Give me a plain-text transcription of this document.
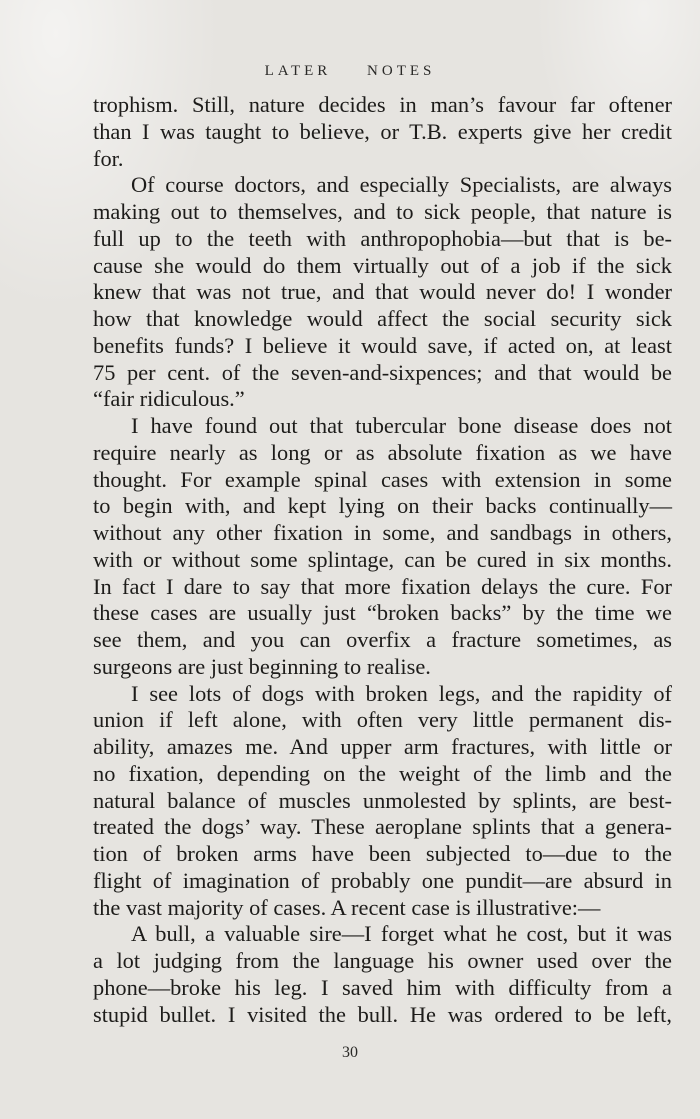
LATER NOTES
trophism. Still, nature decides in man’s favour far oftener
than I was taught to believe, or T.B. experts give her credit
for.
Of course doctors, and especially Specialists, are always
making out to themselves, and to sick people, that nature is
full up to the teeth with anthropophobia—but that is be‐
cause she would do them virtually out of a job if the sick
knew that was not true, and that would never do! I wonder
how that knowledge would affect the social security sick
benefits funds? I believe it would save, if acted on, at least
75 per cent. of the seven‐and‐sixpences; and that would be
“fair ridiculous.”
I have found out that tubercular bone disease does not
require nearly as long or as absolute fixation as we have
thought. For example spinal cases with extension in some
to begin with, and kept lying on their backs continually—
without any other fixation in some, and sandbags in others,
with or without some splintage, can be cured in six months.
In fact I dare to say that more fixation delays the cure. For
these cases are usually just “broken backs” by the time we
see them, and you can overfix a fracture sometimes, as
surgeons are just beginning to realise.
I see lots of dogs with broken legs, and the rapidity of
union if left alone, with often very little permanent dis‐
ability, amazes me. And upper arm fractures, with little or
no fixation, depending on the weight of the limb and the
natural balance of muscles unmolested by splints, are best‐
treated the dogs’ way. These aeroplane splints that a genera‐
tion of broken arms have been subjected to—due to the
flight of imagination of probably one pundit—are absurd in
the vast majority of cases. A recent case is illustrative:—
A bull, a valuable sire—I forget what he cost, but it was
a lot judging from the language his owner used over the
phone—broke his leg. I saved him with difficulty from a
stupid bullet. I visited the bull. He was ordered to be left,
30
